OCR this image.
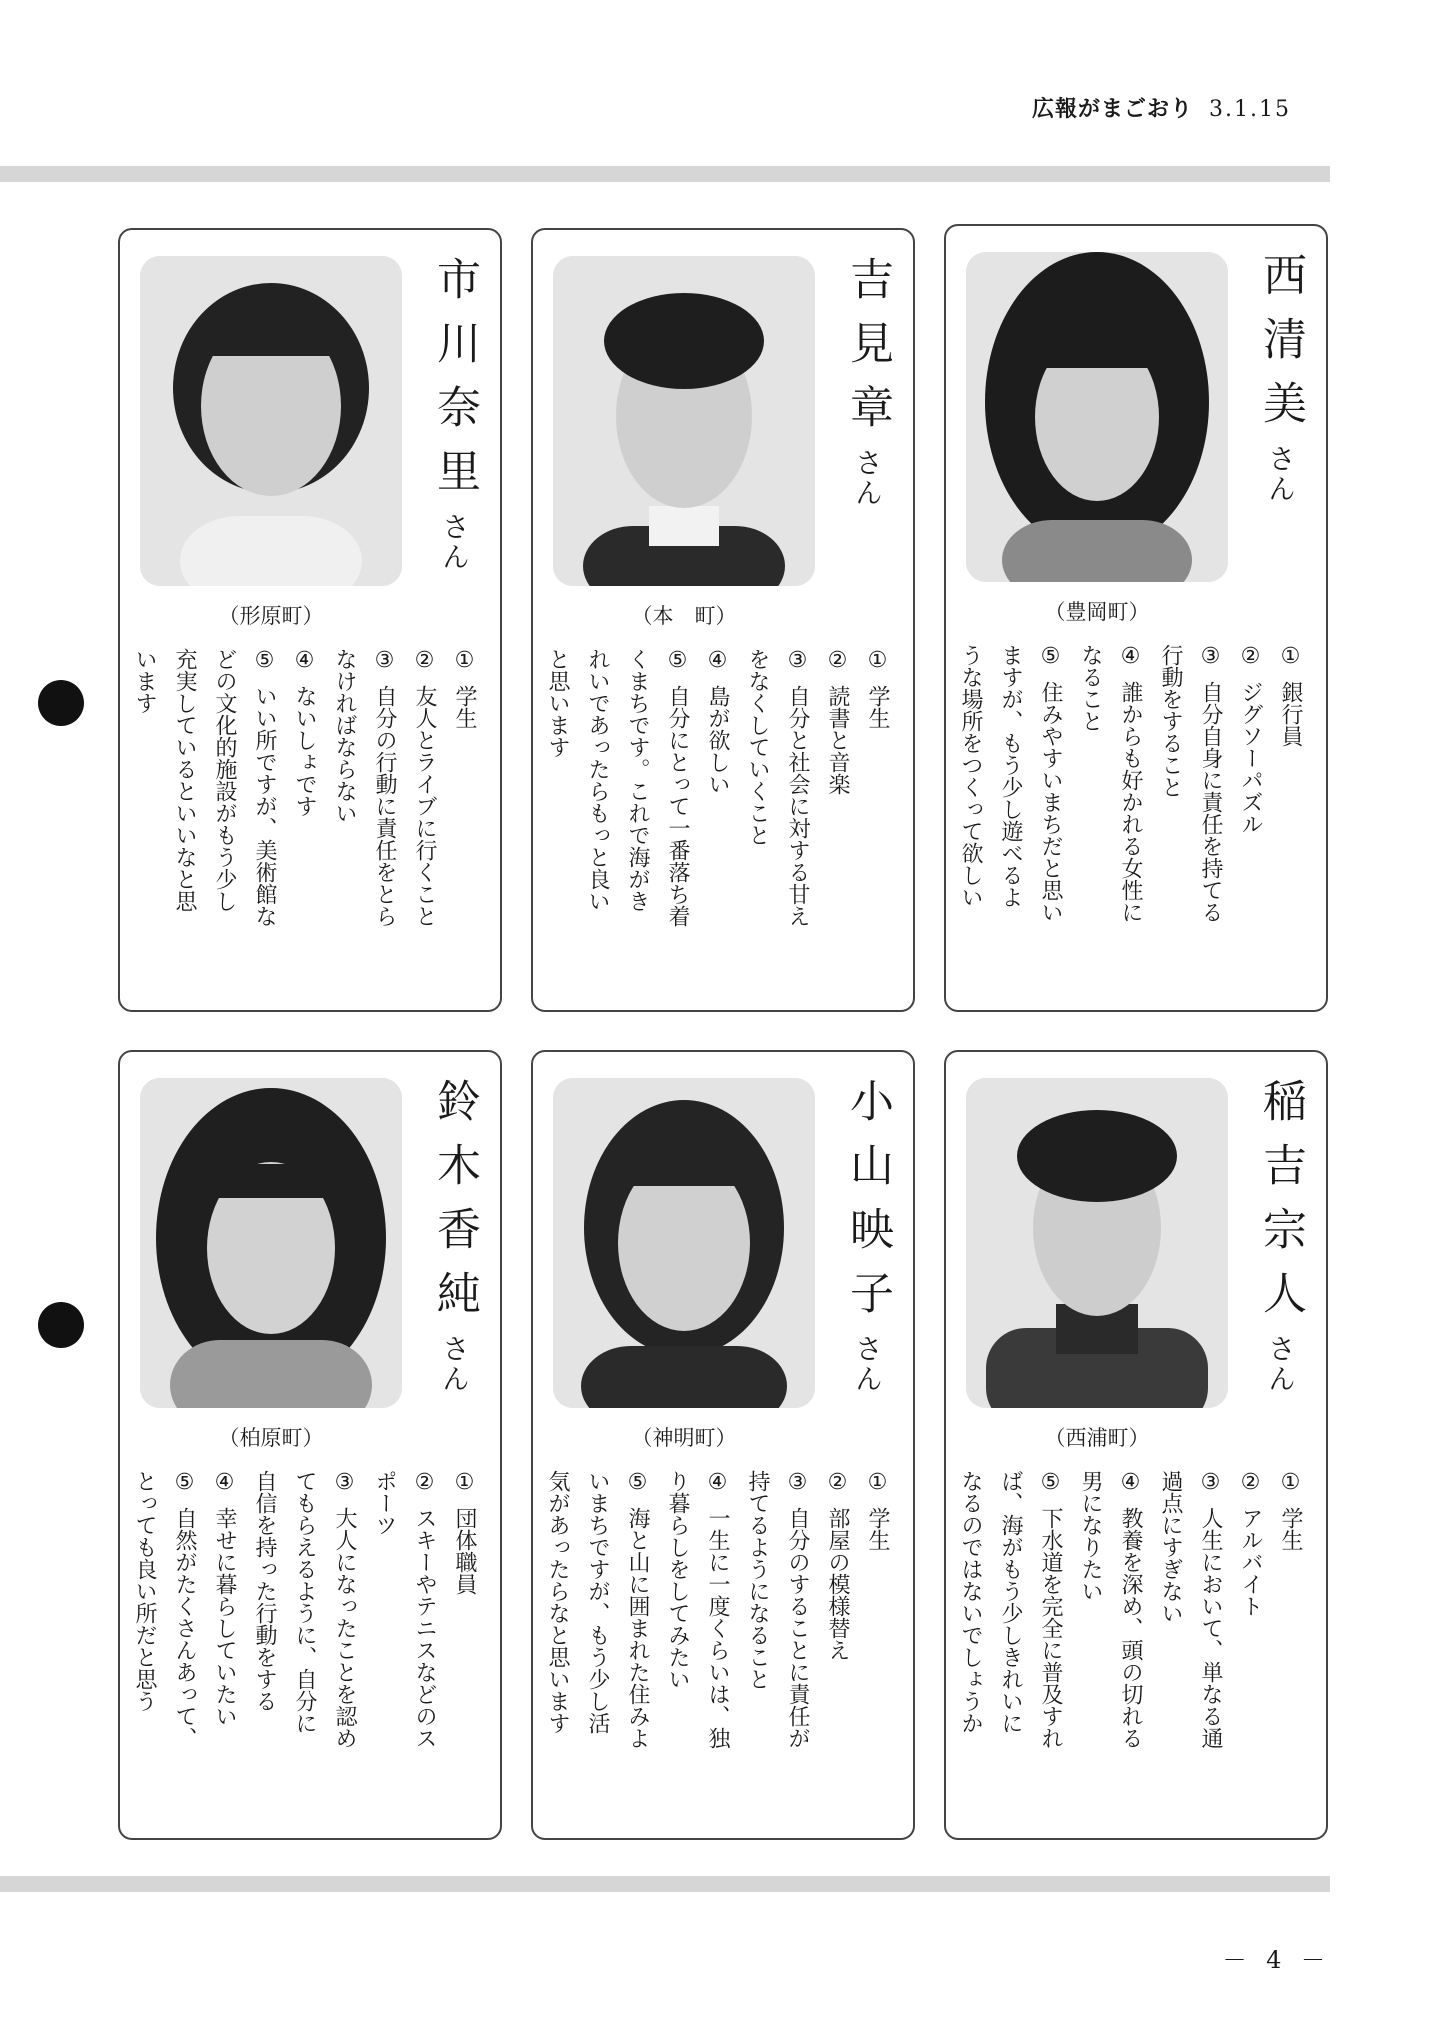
広報がまごおり 3.1.15
市川奈里さん
（形原町）
①学生
②友人とライブに行くこと
③自分の行動に責任をとら
なければならない
④ないしょです
⑤いい所ですが、美術館な
どの文化的施設がもう少し
充実しているといいなと思
います
吉見章さん
（本　町）
①学生
②読書と音楽
③自分と社会に対する甘え
をなくしていくこと
④島が欲しい
⑤自分にとって一番落ち着
くまちです。これで海がき
れいであったらもっと良い
と思います
西清美さん
（豊岡町）
①銀行員
②ジグソーパズル
③自分自身に責任を持てる
行動をすること
④誰からも好かれる女性に
なること
⑤住みやすいまちだと思い
ますが、もう少し遊べるよ
うな場所をつくって欲しい
鈴木香純さん
（柏原町）
①団体職員
②スキーやテニスなどのス
ポーツ
③大人になったことを認め
てもらえるように、自分に
自信を持った行動をする
④幸せに暮らしていたい
⑤自然がたくさんあって、
とっても良い所だと思う
小山映子さん
（神明町）
①学生
②部屋の模様替え
③自分のすることに責任が
持てるようになること
④一生に一度くらいは、独
り暮らしをしてみたい
⑤海と山に囲まれた住みよ
いまちですが、もう少し活
気があったらなと思います
稲吉宗人さん
（西浦町）
①学生
②アルバイト
③人生において、単なる通
過点にすぎない
④教養を深め、頭の切れる
男になりたい
⑤下水道を完全に普及すれ
ば、海がもう少しきれいに
なるのではないでしょうか
－ 4 －
